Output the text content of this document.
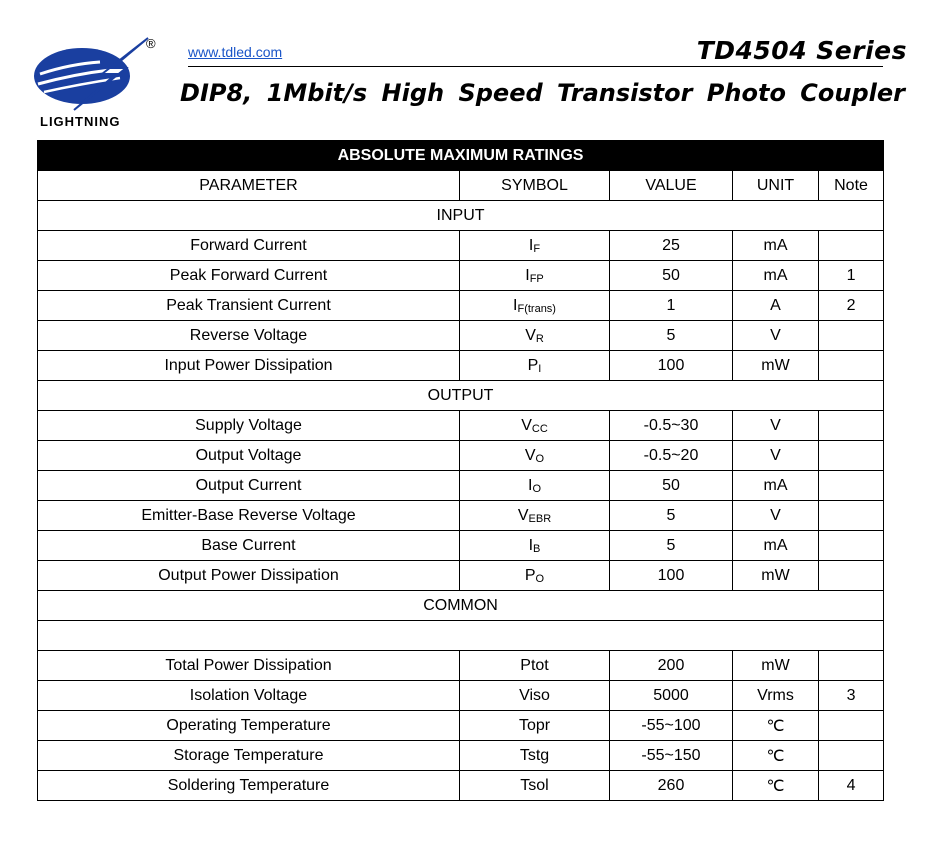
LIGHTNING
®
www.tdled.com	TD4504 Series
DIP8, 1Mbit/s High Speed Transistor Photo Coupler
ABSOLUTE MAXIMUM RATINGS				
PARAMETER	SYMBOL	VALUE	UNIT	Note
INPUT				
Forward Current	$I_F$	25	mA	
Peak Forward Current	$I_{FP}$	50	mA	1
Peak Transient Current	$I_{F(trans)}$	1	A	2
Reverse Voltage	$V_R$	5	V	
Input Power Dissipation	$P_I$	100	mW	
OUTPUT				
Supply Voltage	$V_{CC}$	-0.5~30	V	
Output Voltage	$V_O$	-0.5~20	V	
Output Current	$I_O$	50	mA	
Emitter-Base Reverse Voltage	$V_{EBR}$	5	V	
Base Current	$I_B$	5	mA	
Output Power Dissipation	$P_O$	100	mW	
COMMON				

Total Power Dissipation	Ptot	200	mW	
Isolation Voltage	Viso	5000	Vrms	3
Operating Temperature	Topr	-55~100	℃	
Storage Temperature	Tstg	-55~150	℃	
Soldering Temperature	Tsol	260	℃	4
